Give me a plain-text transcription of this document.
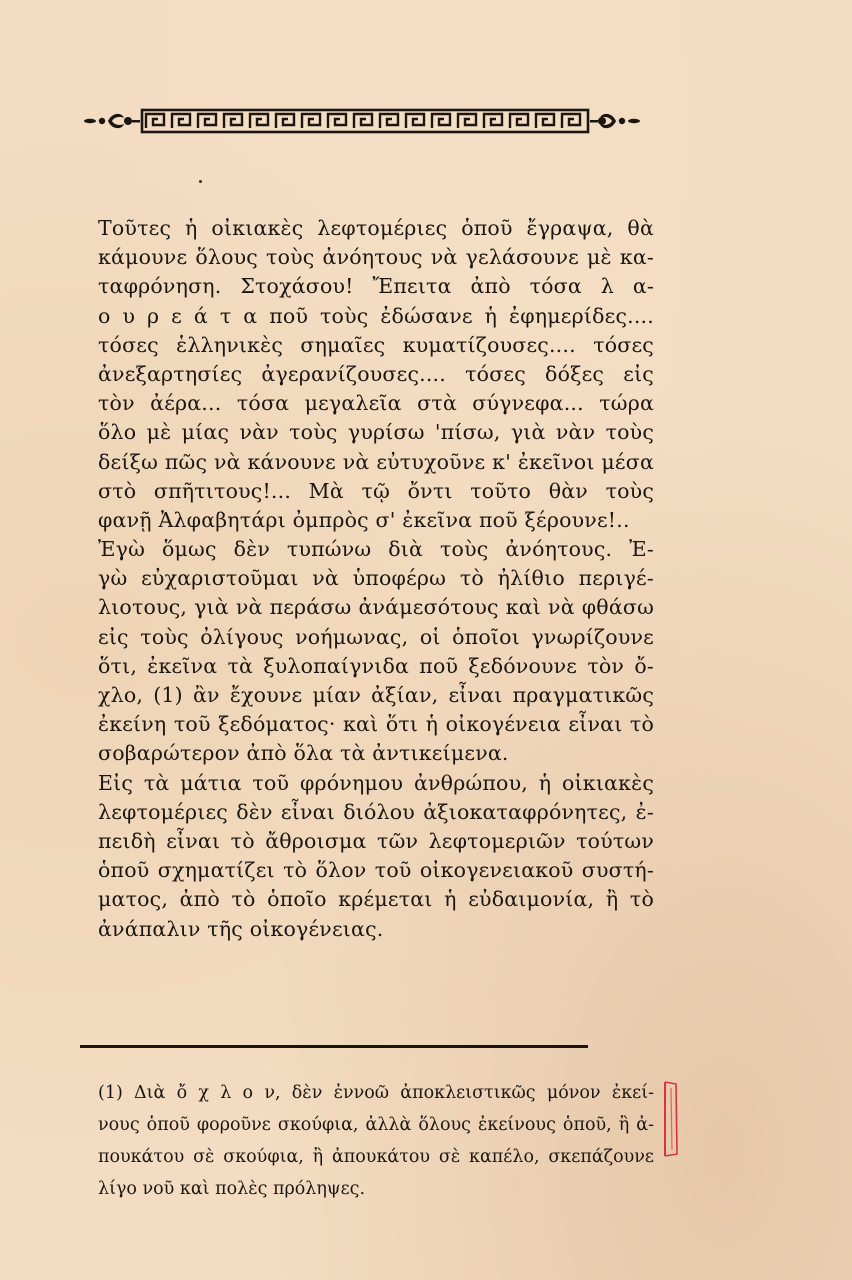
Τοῦτες ἡ οἰκιακὲς λεφτομέριες ὁποῦ ἔγραψα, θὰ
κάμουνε ὅλους τοὺς ἀνόητους νὰ γελάσουνε μὲ κα-
ταφρόνηση. Στοχάσου! Ἔπειτα ἀπὸ τόσα λ α-
ο υ ρ ε ά τ α ποῦ τοὺς ἐδώσανε ἡ ἐφημερίδες....
τόσες ἑλληνικὲς σημαῖες κυματίζουσες.... τόσες
ἀνεξαρτησίες ἀγερανίζουσες.... τόσες δόξες εἰς
τὸν ἀέρα... τόσα μεγαλεῖα στὰ σύγνεφα... τώρα
ὅλο μὲ μίας νὰν τοὺς γυρίσω 'πίσω, γιὰ νὰν τοὺς
δείξω πῶς νὰ κάνουνε νὰ εὐτυχοῦνε κ' ἐκεῖνοι μέσα
στὸ σπῆτιτους!... Μὰ τῷ ὄντι τοῦτο θὰν τοὺς
φανῇ Ἀλφαβητάρι ὀμπρὸς σ' ἐκεῖνα ποῦ ξέρουνε!..
Ἐγὼ ὅμως δὲν τυπώνω διὰ τοὺς ἀνόητους. Ἐ-
γὼ εὐχαριστοῦμαι νὰ ὑποφέρω τὸ ἠλίθιο περιγέ-
λιοτους, γιὰ νὰ περάσω ἀνάμεσότους καὶ νὰ φθάσω
εἰς τοὺς ὀλίγους νοήμωνας, οἱ ὁποῖοι γνωρίζουνε
ὅτι, ἐκεῖνα τὰ ξυλοπαίγνιδα ποῦ ξεδόνουνε τὸν ὄ-
χλο, (1) ἂν ἔχουνε μίαν ἀξίαν, εἶναι πραγματικῶς
ἐκείνη τοῦ ξεδόματος· καὶ ὅτι ἡ οἰκογένεια εἶναι τὸ
σοβαρώτερον ἀπὸ ὅλα τὰ ἀντικείμενα.
Εἰς τὰ μάτια τοῦ φρόνημου ἀνθρώπου, ἡ οἰκιακὲς
λεφτομέριες δὲν εἶναι διόλου ἀξιοκαταφρόνητες, ἐ-
πειδὴ εἶναι τὸ ἄθροισμα τῶν λεφτομεριῶν τούτων
ὁποῦ σχηματίζει τὸ ὅλον τοῦ οἰκογενειακοῦ συστή-
ματος, ἀπὸ τὸ ὁποῖο κρέμεται ἡ εὐδαιμονία, ἢ τὸ
ἀνάπαλιν τῆς οἰκογένειας.
(1) Διὰ ὄ χ λ ο ν, δὲν ἐννοῶ ἀποκλειστικῶς μόνον ἐκεί-
νους ὁποῦ φοροῦνε σκούφια, ἀλλὰ ὅλους ἐκείνους ὁποῦ, ἢ ἀ-
πουκάτου σὲ σκούφια, ἢ ἀπουκάτου σὲ καπέλο, σκεπάζουνε
λίγο νοῦ καὶ πολὲς πρόληψες.
